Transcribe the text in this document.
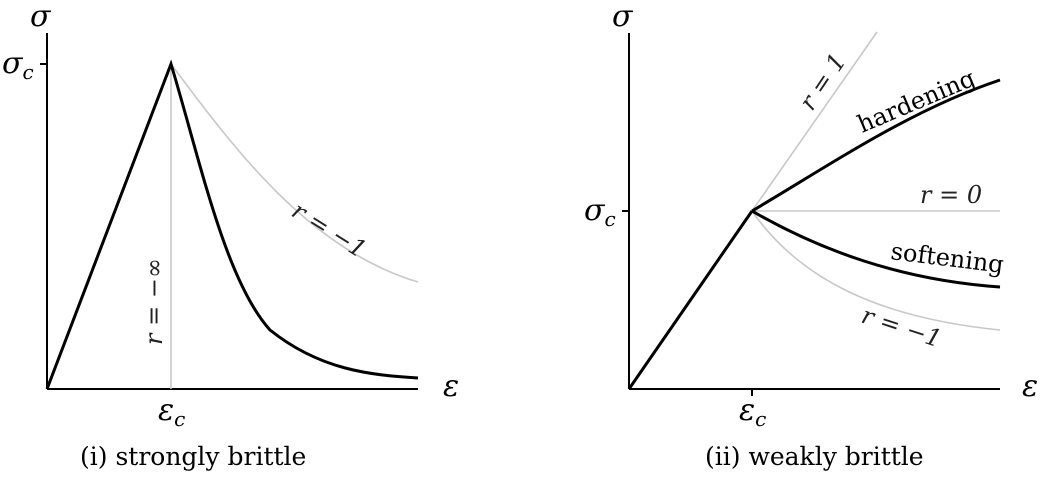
σ
ε
σc
εc
r = −1
r = −∞
(i) strongly brittle
σ
ε
σc
εc
r = 1
r = 0
r = −1
hardening
softening
(ii) weakly brittle
